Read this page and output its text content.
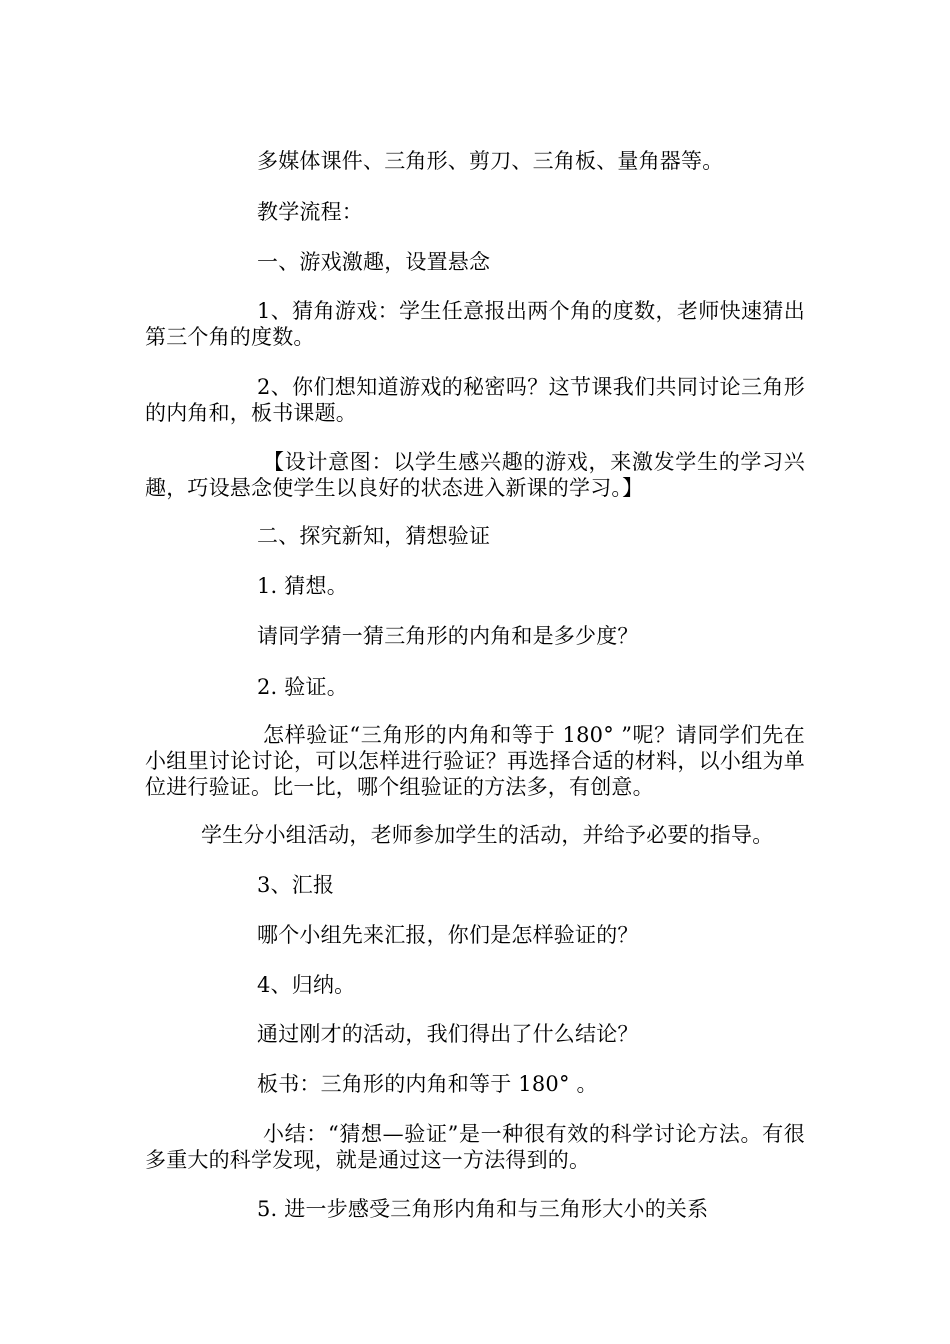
多媒体课件、三角形、剪刀、三角板、量角器等。

教学流程：

一、游戏激趣，设置悬念

1、猜角游戏：学生任意报出两个角的度数，老师快速猜出第三个角的度数。

2、你们想知道游戏的秘密吗？这节课我们共同讨论三角形的内角和，板书课题。

【设计意图：以学生感兴趣的游戏，来激发学生的学习兴趣，巧设悬念使学生以良好的状态进入新课的学习。】

二、探究新知，猜想验证

1. 猜想。

请同学猜一猜三角形的内角和是多少度？

2. 验证。

怎样验证“三角形的内角和等于 180° ”呢？请同学们先在小组里讨论讨论，可以怎样进行验证？再选择合适的材料，以小组为单位进行验证。比一比，哪个组验证的方法多，有创意。

学生分小组活动，老师参加学生的活动，并给予必要的指导。

3、汇报

哪个小组先来汇报，你们是怎样验证的？

4、归纳。

通过刚才的活动，我们得出了什么结论？

板书：三角形的内角和等于 180° 。

小结：“猜想—验证”是一种很有效的科学讨论方法。有很多重大的科学发现，就是通过这一方法得到的。

5. 进一步感受三角形内角和与三角形大小的关系
